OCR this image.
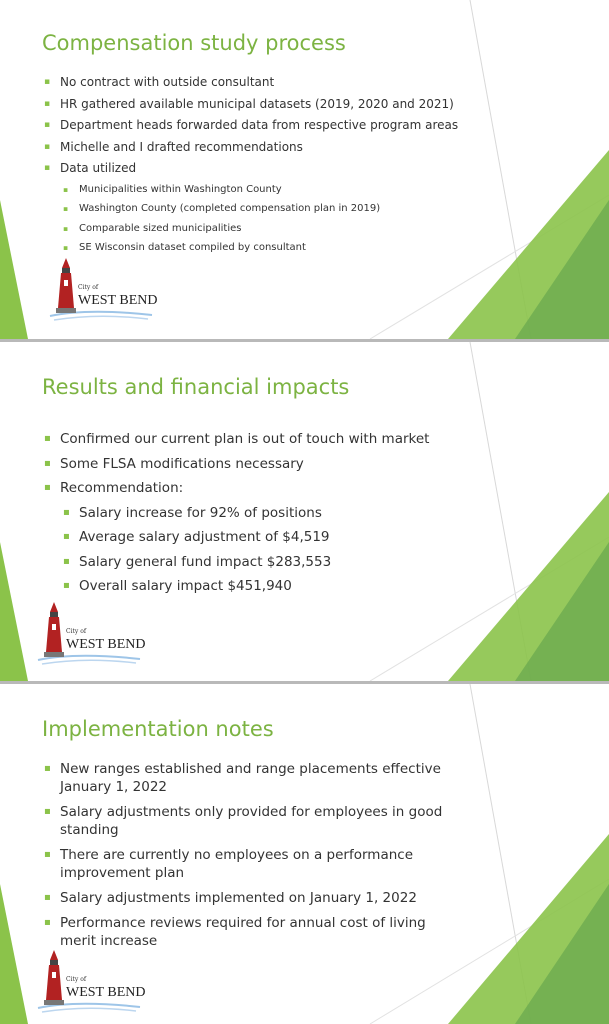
Compensation study process
▪ No contract with outside consultant
▪ HR gathered available municipal datasets (2019, 2020 and 2021)
▪ Department heads forwarded data from respective program areas
▪ Michelle and I drafted recommendations
▪ Data utilized
▪ Municipalities within Washington County
▪ Washington County (completed compensation plan in 2019)
▪ Comparable sized municipalities
▪ SE Wisconsin dataset compiled by consultant
City of
WEST BEND
Results and financial impacts
▪ Confirmed our current plan is out of touch with market
▪ Some FLSA modifications necessary
▪ Recommendation:
▪ Salary increase for 92% of positions
▪ Average salary adjustment of $4,519
▪ Salary general fund impact $283,553
▪ Overall salary impact $451,940
City of
WEST BEND
Implementation notes
▪ New ranges established and range placements effective January 1, 2022
▪ Salary adjustments only provided for employees in good standing
▪ There are currently no employees on a performance improvement plan
▪ Salary adjustments implemented on January 1, 2022
▪ Performance reviews required for annual cost of living merit increase
City of
WEST BEND
